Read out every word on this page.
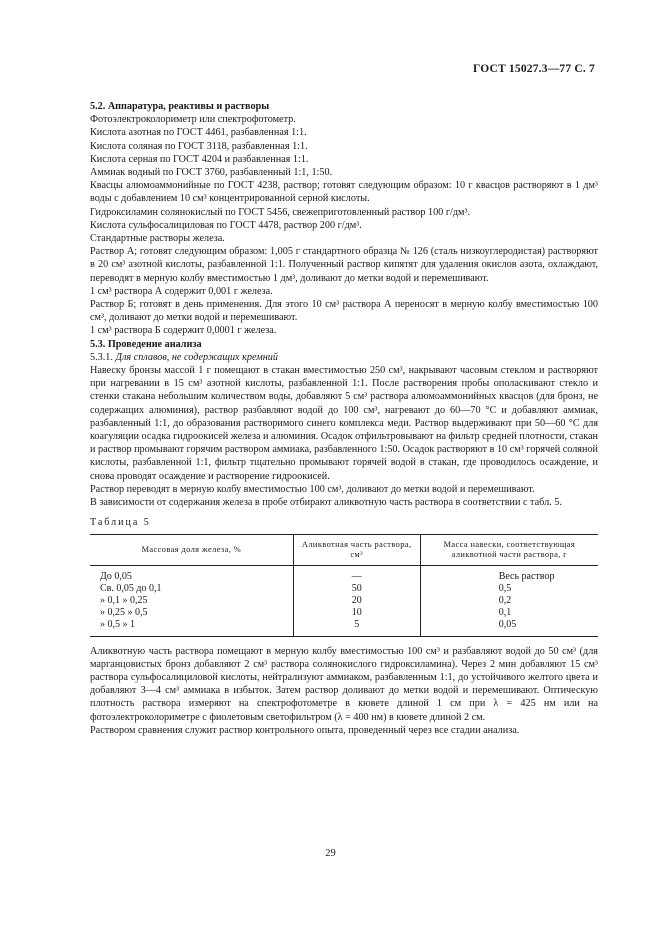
ГОСТ 15027.3—77 С. 7

5.2. Аппаратура, реактивы и растворы

Фотоэлектроколориметр или спектрофотометр.

Кислота азотная по ГОСТ 4461, разбавленная 1:1.

Кислота соляная по ГОСТ 3118, разбавленная 1:1.

Кислота серная по ГОСТ 4204 и разбавленная 1:1.

Аммиак водный по ГОСТ 3760, разбавленный 1:1, 1:50.

Квасцы алюмоаммонийные по ГОСТ 4238, раствор; готовят следующим образом: 10 г квасцов растворяют в 1 дм³ воды с добавлением 10 см³ концентрированной серной кислоты.

Гидроксиламин солянокислый по ГОСТ 5456, свежеприготовленный раствор 100 г/дм³.

Кислота сульфосалициловая по ГОСТ 4478, раствор 200 г/дм³.

Стандартные растворы железа.

Раствор А; готовят следующим образом: 1,005 г стандартного образца № 126 (сталь низкоуглеродистая) растворяют в 20 см³ азотной кислоты, разбавленной 1:1. Полученный раствор кипятят для удаления окислов азота, охлаждают, переводят в мерную колбу вместимостью 1 дм³, доливают до метки водой и перемешивают.

1 см³ раствора А содержит 0,001 г железа.

Раствор Б; готовят в день применения. Для этого 10 см³ раствора А переносят в мерную колбу вместимостью 100 см³, доливают до метки водой и перемешивают.

1 см³ раствора Б содержит 0,0001 г железа.

5.3. Проведение анализа

5.3.1. Для сплавов, не содержащих кремний

Навеску бронзы массой 1 г помещают в стакан вместимостью 250 см³, накрывают часовым стеклом и растворяют при нагревании в 15 см³ азотной кислоты, разбавленной 1:1. После растворения пробы ополаскивают стекло и стенки стакана небольшим количеством воды, добавляют 5 см³ раствора алюмоаммонийных квасцов (для бронз, не содержащих алюминия), раствор разбавляют водой до 100 см³, нагревают до 60—70 °С и добавляют аммиак, разбавленный 1:1, до образования растворимого синего комплекса меди. Раствор выдерживают при 50—60 °С для коагуляции осадка гидроокисей железа и алюминия. Осадок отфильтровывают на фильтр средней плотности, стакан и раствор промывают горячим раствором аммиака, разбавленного 1:50. Осадок растворяют в 10 см³ горячей соляной кислоты, разбавленной 1:1, фильтр тщательно промывают горячей водой в стакан, где проводилось осаждение, и снова проводят осаждение и растворение гидроокисей.

Раствор переводят в мерную колбу вместимостью 100 см³, доливают до метки водой и перемешивают.

В зависимости от содержания железа в пробе отбирают аликвотную часть раствора в соответствии с табл. 5.

Таблица 5

Массовая доля железа, %	Аликвотная часть раствора, см³	Масса навески, соответствующая аликвотной части раствора, г
До 0,05	—	Весь раствор
Св. 0,05 до 0,1	50	0,5
» 0,1 » 0,25	20	0,2
» 0,25 » 0,5	10	0,1
» 0,5 » 1	5	0,05

Аликвотную часть раствора помещают в мерную колбу вместимостью 100 см³ и разбавляют водой до 50 см³ (для марганцовистых бронз добавляют 2 см³ раствора солянокислого гидроксиламина). Через 2 мин добавляют 15 см³ раствора сульфосалициловой кислоты, нейтрализуют аммиаком, разбавленным 1:1, до устойчивого желтого цвета и добавляют 3—4 см³ аммиака в избыток. Затем раствор доливают до метки водой и перемешивают. Оптическую плотность раствора измеряют на спектрофотометре в кювете длиной 1 см при λ = 425 нм или на фотоэлектроколориметре с фиолетовым светофильтром (λ = 400 нм) в кювете длиной 2 см.

Раствором сравнения служит раствор контрольного опыта, проведенный через все стадии анализа.

29
